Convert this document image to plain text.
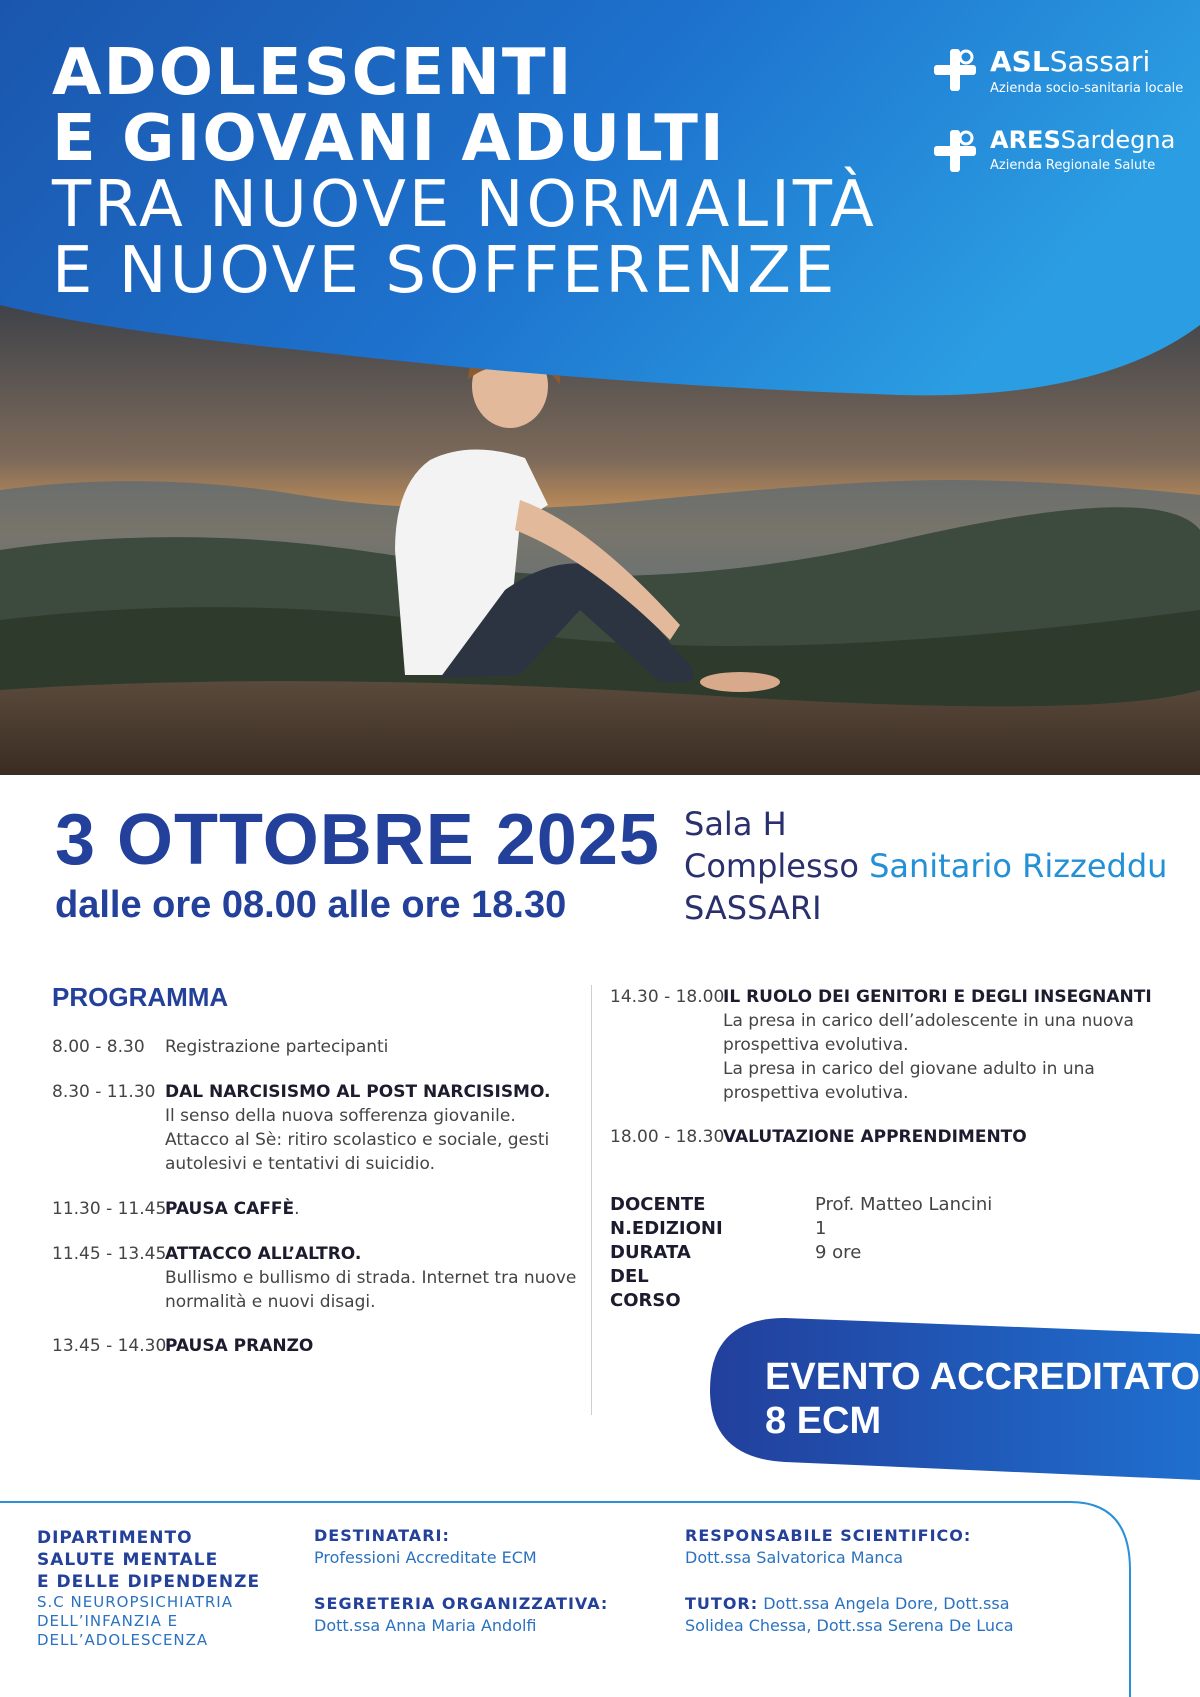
ADOLESCENTI
E GIOVANI ADULTI
TRA NUOVE NORMALITÀ
E NUOVE SOFFERENZE
ASLSassari
Azienda socio-sanitaria locale
ARESSardegna
Azienda Regionale Salute
3 OTTOBRE 2025
dalle ore 08.00 alle ore 18.30
Sala H
Complesso Sanitario Rizzeddu
SASSARI
PROGRAMMA
8.00 - 8.30	Registrazione partecipanti
8.30 - 11.30 DAL NARCISISMO AL POST NARCISISMO.
Il senso della nuova sofferenza giovanile. Attacco al Sè: ritiro scolastico e sociale, gesti autolesivi e tentativi di suicidio.
11.30 - 11.45
PAUSA CAFFÈ.
11.45 - 13.45
ATTACCO ALL’ALTRO.
Bullismo e bullismo di strada. Internet tra nuove normalità e nuovi disagi.
13.45 - 14.30
PAUSA PRANZO
14.30 - 18.00
IL RUOLO DEI GENITORI E DEGLI INSEGNANTI
La presa in carico dell’adolescente in una nuova prospettiva evolutiva.
La presa in carico del giovane adulto in una prospettiva evolutiva.
18.00 - 18.30
VALUTAZIONE APPRENDIMENTO
DOCENTE	Prof. Matteo Lancini
N.EDIZIONI	1
DURATA DEL CORSO
9 ore
EVENTO ACCREDITATO
8 ECM
DIPARTIMENTO
SALUTE MENTALE
E DELLE DIPENDENZE
S.C NEUROPSICHIATRIA
DELL’INFANZIA E
DELL’ADOLESCENZA
DESTINATARI:
Professioni Accreditate ECM
SEGRETERIA ORGANIZZATIVA:
Dott.ssa Anna Maria Andolfi
RESPONSABILE SCIENTIFICO:
Dott.ssa Salvatorica Manca
TUTOR: Dott.ssa Angela Dore, Dott.ssa
Solidea Chessa, Dott.ssa Serena De Luca
